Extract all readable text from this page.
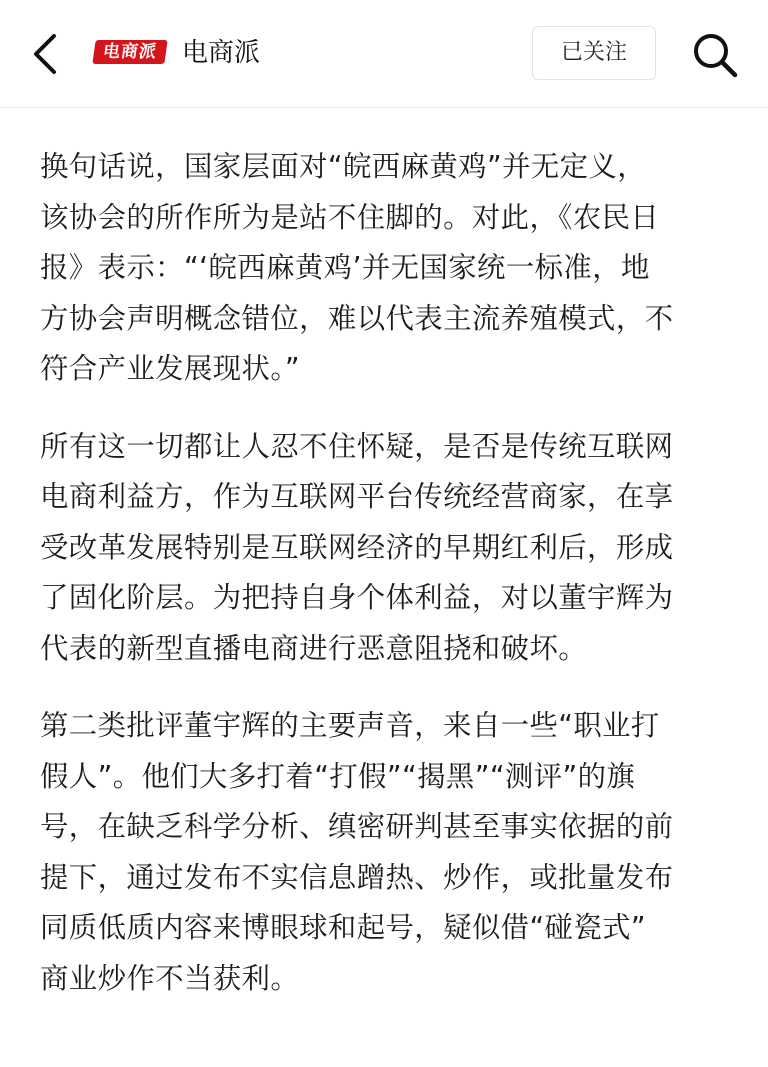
电商派 电商派	已关注

换句话说，国家层面对“皖西麻黄鸡”并无定义，
该协会的所作所为是站不住脚的。对此，《农民日
报》表示：“‘皖西麻黄鸡’并无国家统一标准，地
方协会声明概念错位，难以代表主流养殖模式，不
符合产业发展现状。”

所有这一切都让人忍不住怀疑，是否是传统互联网
电商利益方，作为互联网平台传统经营商家，在享
受改革发展特别是互联网经济的早期红利后，形成
了固化阶层。为把持自身个体利益，对以董宇辉为
代表的新型直播电商进行恶意阻挠和破坏。

第二类批评董宇辉的主要声音，来自一些“职业打
假人”。他们大多打着“打假”“揭黑”“测评”的旗
号，在缺乏科学分析、缜密研判甚至事实依据的前
提下，通过发布不实信息蹭热、炒作，或批量发布
同质低质内容来博眼球和起号，疑似借“碰瓷式”
商业炒作不当获利。
